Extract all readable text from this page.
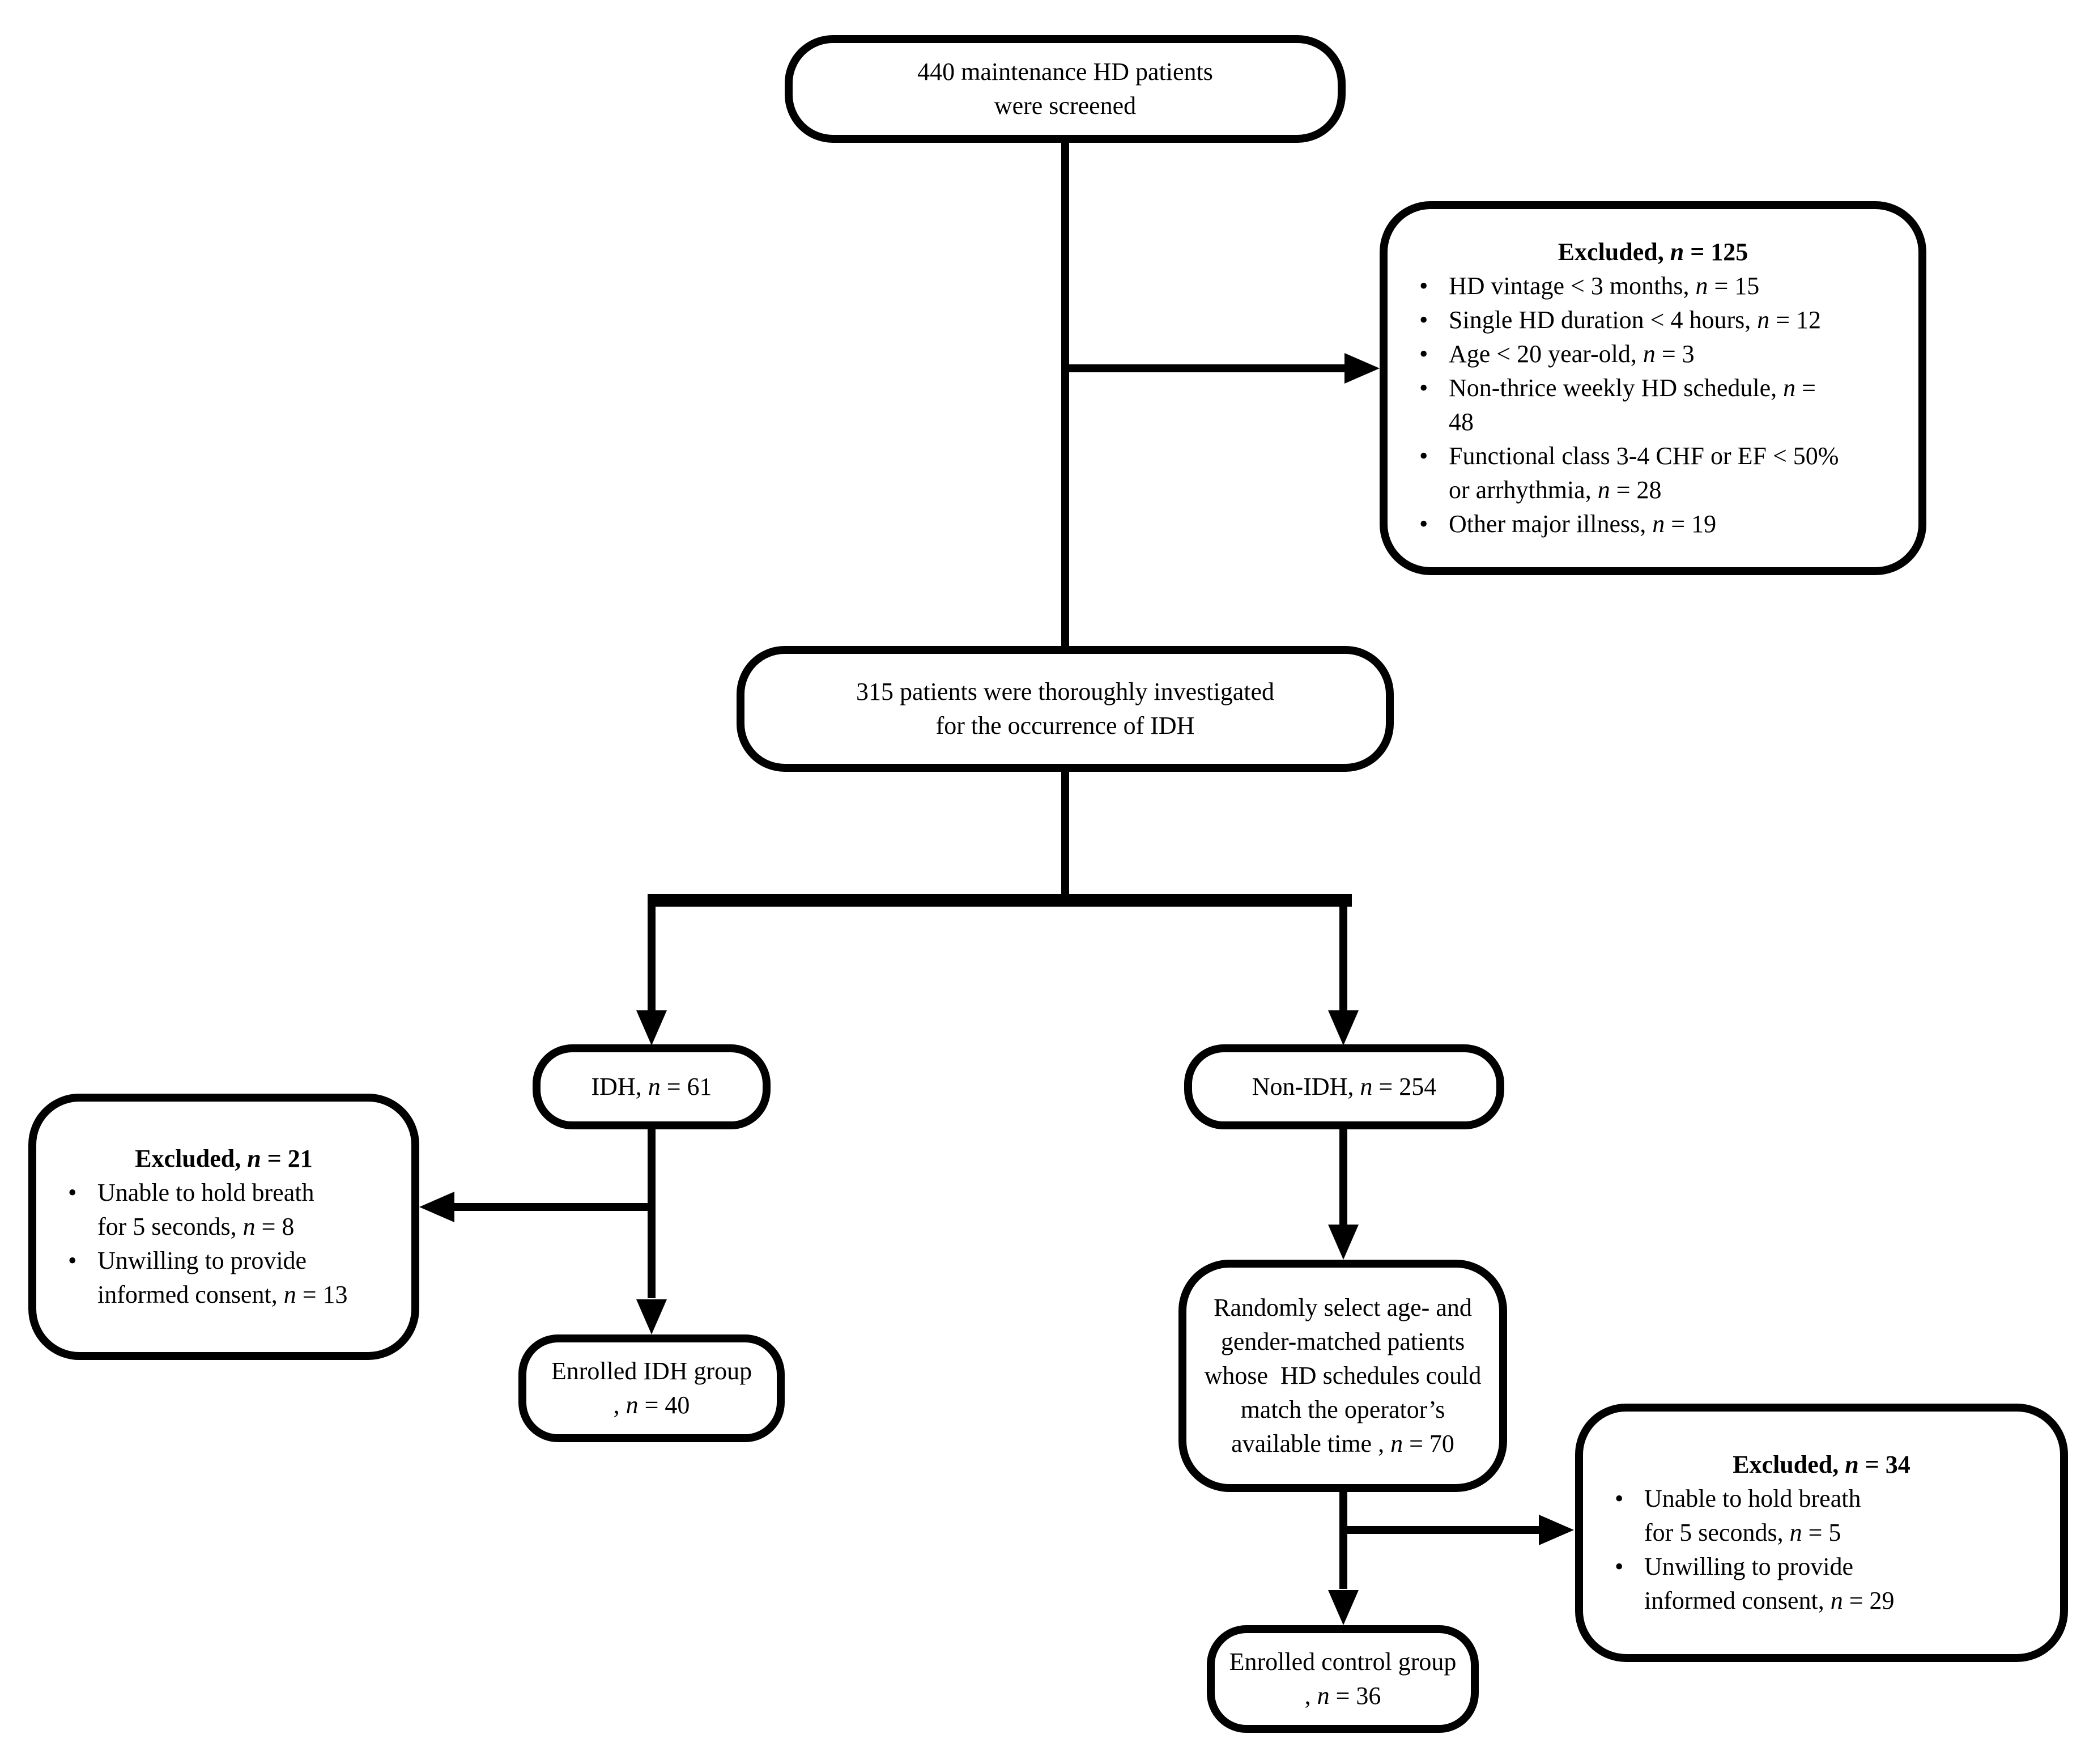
440 maintenance HD patients
were screened
Excluded, n = 125
• HD vintage < 3 months, n = 15
• Single HD duration < 4 hours, n = 12
• Age < 20 year-old, n = 3
• Non-thrice weekly HD schedule, n =
48
• Functional class 3-4 CHF or EF < 50%
or arrhythmia, n = 28
• Other major illness, n = 19
315 patients were thoroughly investigated
for the occurrence of IDH
IDH, n = 61	Non-IDH, n = 254
Excluded, n = 21
• Unable to hold breath
for 5 seconds, n = 8
• Unwilling to provide
informed consent, n = 13
Enrolled IDH group
, n = 40
Randomly select age- and
gender-matched patients
whose  HD schedules could
match the operator’s
available time , n = 70
Excluded, n = 34
• Unable to hold breath
for 5 seconds, n = 5
• Unwilling to provide
informed consent, n = 29
Enrolled control group
, n = 36
